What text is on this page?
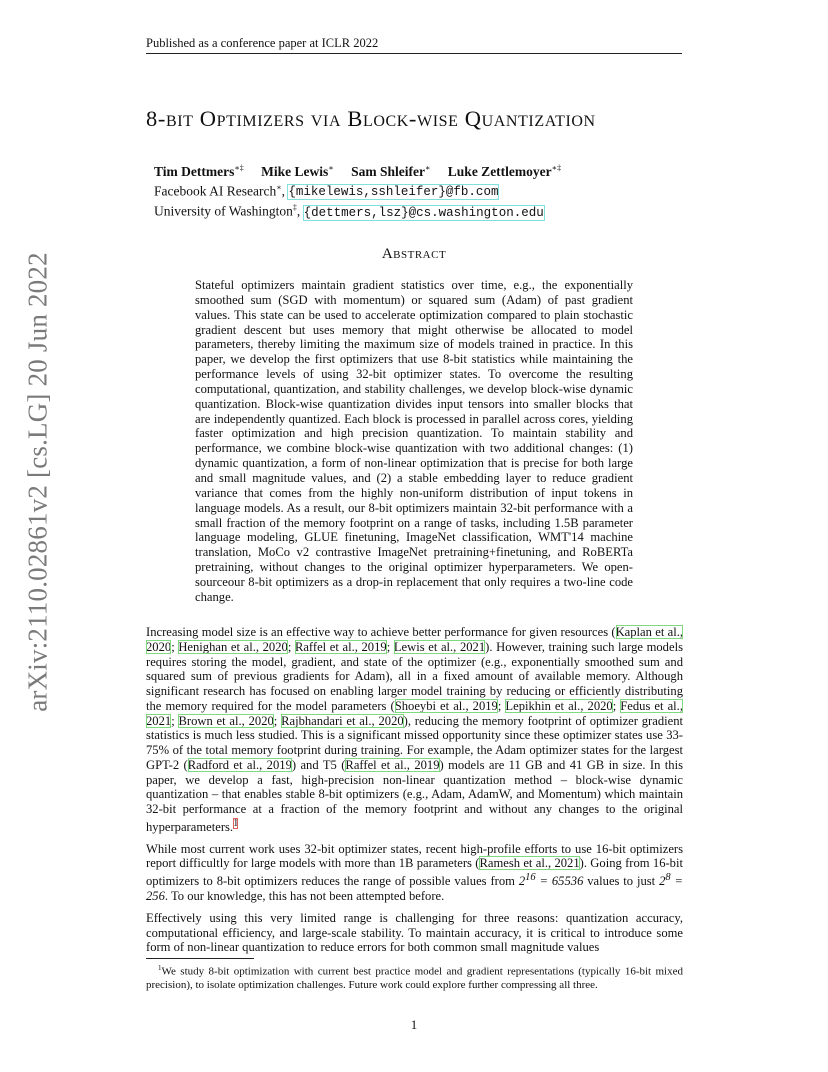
arXiv:2110.02861v2 [cs.LG] 20 Jun 2022
Published as a conference paper at ICLR 2022
8-bit Optimizers via Block-wise Quantization
Tim Dettmers∗‡ Mike Lewis∗ Sam Shleifer∗ Luke Zettlemoyer∗‡
Facebook AI Research∗, {mikelewis,sshleifer}@fb.com
University of Washington‡, {dettmers,lsz}@cs.washington.edu
Abstract
Stateful optimizers maintain gradient statistics over time, e.g., the exponentially smoothed sum (SGD with momentum) or squared sum (Adam) of past gradient values. This state can be used to accelerate optimization compared to plain stochastic gradient descent but uses memory that might otherwise be allocated to model parameters, thereby limiting the maximum size of models trained in practice. In this paper, we develop the first optimizers that use 8-bit statistics while maintaining the performance levels of using 32-bit optimizer states. To overcome the resulting computational, quantization, and stability challenges, we develop block-wise dynamic quantization. Block-wise quantization divides input tensors into smaller blocks that are independently quantized. Each block is processed in parallel across cores, yielding faster optimization and high precision quantization. To maintain stability and performance, we combine block-wise quantization with two additional changes: (1) dynamic quantization, a form of non-linear optimization that is precise for both large and small magnitude values, and (2) a stable embedding layer to reduce gradient variance that comes from the highly non-uniform distribution of input tokens in language models. As a result, our 8-bit optimizers maintain 32-bit performance with a small fraction of the memory footprint on a range of tasks, including 1.5B parameter language modeling, GLUE finetuning, ImageNet classification, WMT'14 machine translation, MoCo v2 contrastive ImageNet pretraining+finetuning, and RoBERTa pretraining, without changes to the original optimizer hyperparameters. We open-sourceour 8-bit optimizers as a drop-in replacement that only requires a two-line code change.

Increasing model size is an effective way to achieve better performance for given resources (Kaplan et al., 2020; Henighan et al., 2020; Raffel et al., 2019; Lewis et al., 2021). However, training such large models requires storing the model, gradient, and state of the optimizer (e.g., exponentially smoothed sum and squared sum of previous gradients for Adam), all in a fixed amount of available memory. Although significant research has focused on enabling larger model training by reducing or efficiently distributing the memory required for the model parameters (Shoeybi et al., 2019; Lepikhin et al., 2020; Fedus et al., 2021; Brown et al., 2020; Rajbhandari et al., 2020), reducing the memory footprint of optimizer gradient statistics is much less studied. This is a significant missed opportunity since these optimizer states use 33-75% of the total memory footprint during training. For example, the Adam optimizer states for the largest GPT-2 (Radford et al., 2019) and T5 (Raffel et al., 2019) models are 11 GB and 41 GB in size. In this paper, we develop a fast, high-precision non-linear quantization method – block-wise dynamic quantization – that enables stable 8-bit optimizers (e.g., Adam, AdamW, and Momentum) which maintain 32-bit performance at a fraction of the memory footprint and without any changes to the original hyperparameters.$^1$

While most current work uses 32-bit optimizer states, recent high-profile efforts to use 16-bit optimizers report difficultly for large models with more than 1B parameters (Ramesh et al., 2021). Going from 16-bit optimizers to 8-bit optimizers reduces the range of possible values from $2^{16} = 65536$ values to just $2^8 = 256$. To our knowledge, this has not been attempted before.

Effectively using this very limited range is challenging for three reasons: quantization accuracy, computational efficiency, and large-scale stability. To maintain accuracy, it is critical to introduce some form of non-linear quantization to reduce errors for both common small magnitude values

$^1$We study 8-bit optimization with current best practice model and gradient representations (typically 16-bit mixed precision), to isolate optimization challenges. Future work could explore further compressing all three.
1
